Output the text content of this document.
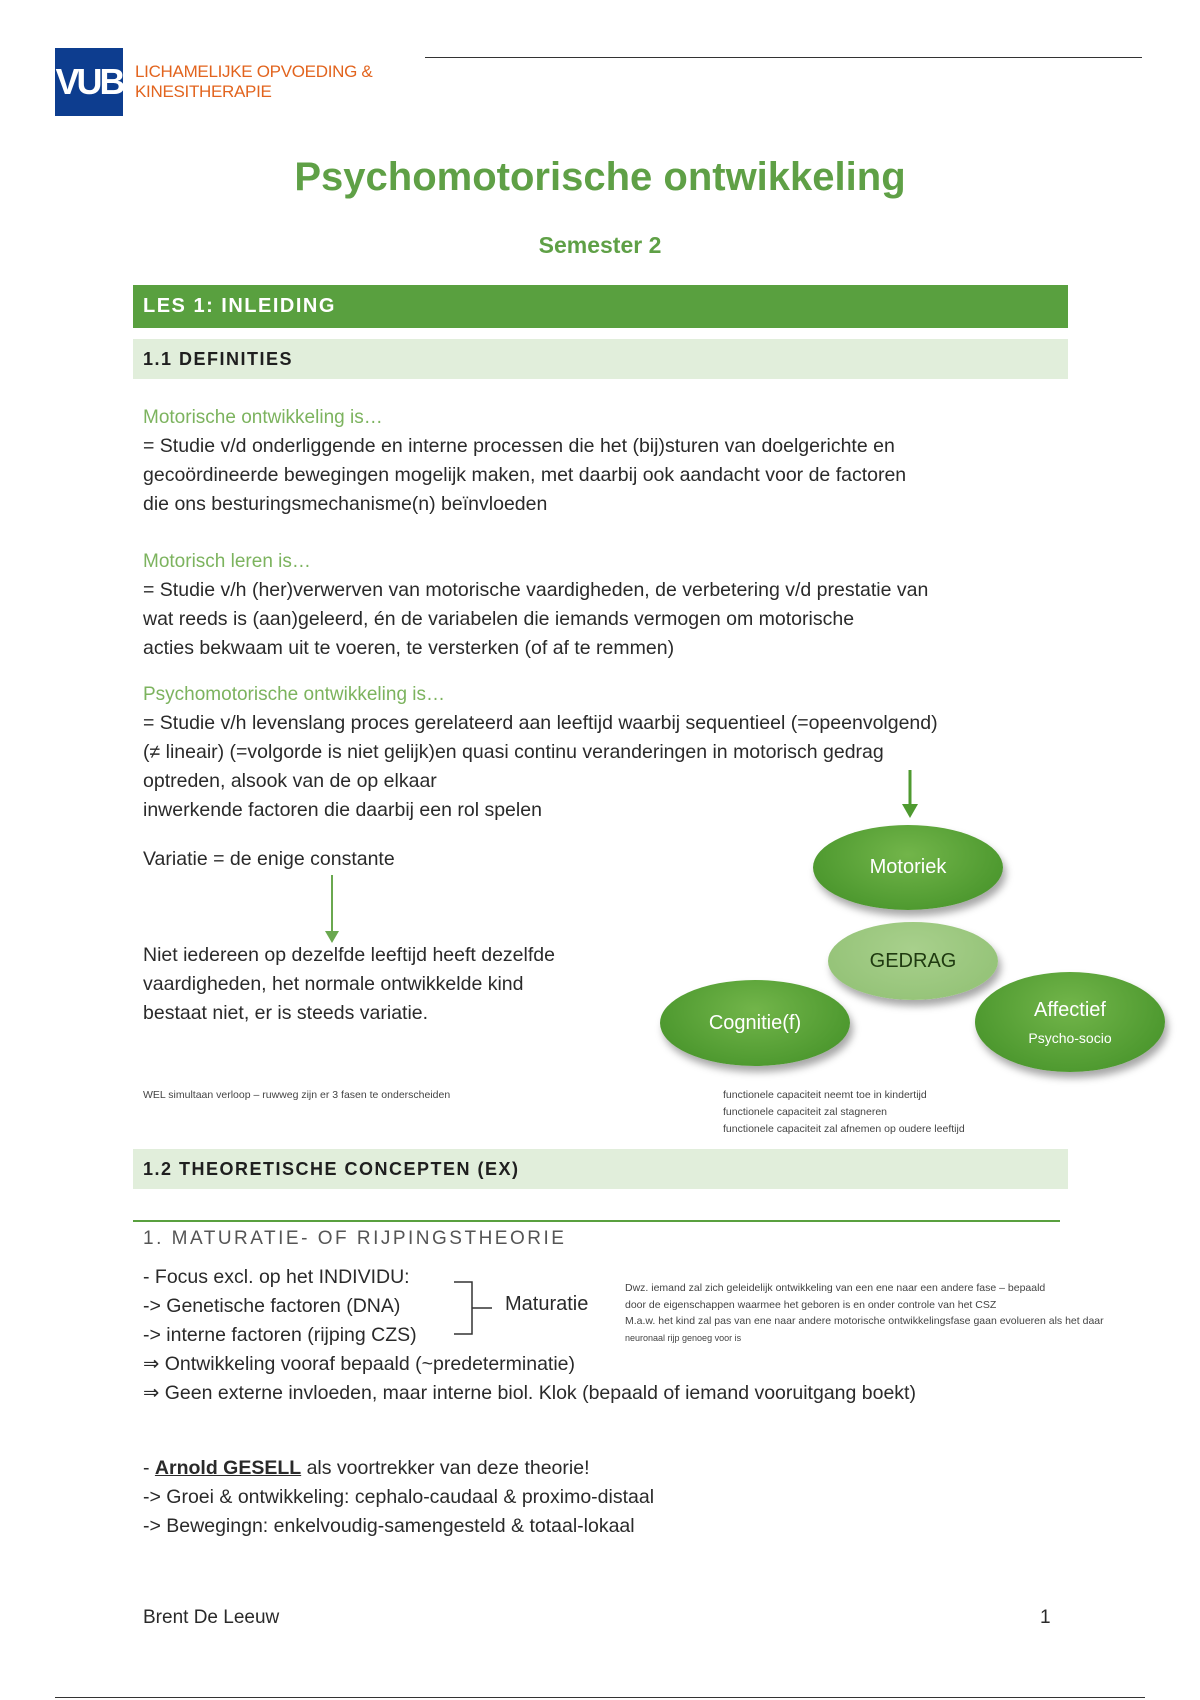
VUB LICHAMELIJKE OPVOEDING &
KINESITHERAPIE
Psychomotorische ontwikkeling
Semester 2
LES 1: INLEIDING
1.1 DEFINITIES
Motorische ontwikkeling is…
= Studie v/d onderliggende en interne processen die het (bij)sturen van doelgerichte en
gecoördineerde bewegingen mogelijk maken, met daarbij ook aandacht voor de factoren
die ons besturingsmechanisme(n) beïnvloeden
Motorisch leren is…
= Studie v/h (her)verwerven van motorische vaardigheden, de verbetering v/d prestatie van
wat reeds is (aan)geleerd, én de variabelen die iemands vermogen om motorische
acties bekwaam uit te voeren, te versterken (of af te remmen)
Psychomotorische ontwikkeling is…
= Studie v/h levenslang proces gerelateerd aan leeftijd waarbij sequentieel (=opeenvolgend)
(≠ lineair) (=volgorde is niet gelijk)en quasi continu veranderingen in motorisch gedrag
optreden, alsook van de op elkaar
inwerkende factoren die daarbij een rol spelen
Variatie = de enige constante
Niet iedereen op dezelfde leeftijd heeft dezelfde
vaardigheden, het normale ontwikkelde kind
bestaat niet, er is steeds variatie.
Motoriek
GEDRAG
Cognitie(f)
Affectief
Psycho-socio
WEL simultaan verloop – ruwweg zijn er 3 fasen te onderscheiden	functionele capaciteit neemt toe in kindertijd
functionele capaciteit zal stagneren
functionele capaciteit zal afnemen op oudere leeftijd
1.2 THEORETISCHE CONCEPTEN (EX)
1. MATURATIE- OF RIJPINGSTHEORIE
- Focus excl. op het INDIVIDU:
-> Genetische factoren (DNA)
-> interne factoren (rijping CZS)
⇒ Ontwikkeling vooraf bepaald (~predeterminatie)
⇒ Geen externe invloeden, maar interne biol. Klok (bepaald of iemand vooruitgang boekt)
Maturatie
Dwz. iemand zal zich geleidelijk ontwikkeling van een ene naar een andere fase – bepaald
door de eigenschappen waarmee het geboren is en onder controle van het CSZ
M.a.w. het kind zal pas van ene naar andere motorische ontwikkelingsfase gaan evolueren als het daar
neuronaal rijp genoeg voor is
- Arnold GESELL als voortrekker van deze theorie!
-> Groei & ontwikkeling: cephalo-caudaal & proximo-distaal
-> Bewegingn: enkelvoudig-samengesteld & totaal-lokaal
Brent De Leeuw	1
